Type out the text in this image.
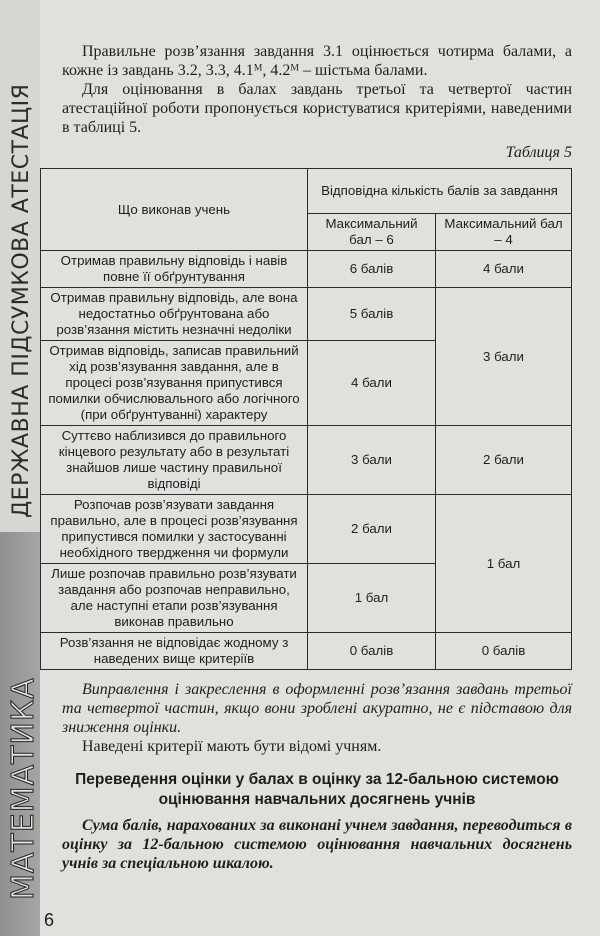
ДЕРЖАВНА ПІДСУМКОВА АТЕСТАЦІЯ
МАТЕМАТИКА

Правильне розв’язання завдання 3.1 оцінюється чотирма балами, а кожне із завдань 3.2, 3.3, 4.1ᴹ, 4.2ᴹ – шістьма балами.

Для оцінювання в балах завдань третьої та четвертої частин атестаційної роботи пропонується користуватися критеріями, наведеними в таблиці 5.

Таблиця 5
Що виконав учень	Відповідна кількість балів за завдання	
	Максимальний бал – 6	Максимальний бал – 4
Отримав правильну відповідь і навів повне її обґрунтування	6 балів	4 бали
Отримав правильну відповідь, але вона недостатньо обґрунтована або розв’язання містить незначні недоліки	5 балів	3 бали
Отримав відповідь, записав правильний хід розв’язування завдання, але в процесі розв’язування припустився помилки обчислювального або логічного (при обґрунтуванні) характеру	4 бали	
Суттєво наблизився до правильного кінцевого результату або в результаті знайшов лише частину правильної відповіді	3 бали	2 бали
Розпочав розв’язувати завдання правильно, але в процесі розв’язування припустився помилки у застосуванні необхідного твердження чи формули	2 бали	1 бал
Лише розпочав правильно розв’язувати завдання або розпочав неправильно, але наступні етапи розв’язування виконав правильно	1 бал	
Розв’язання не відповідає жодному з наведених вище критеріїв	0 балів	0 балів

Виправлення і закреслення в оформленні розв’язання завдань третьої та четвертої частин, якщо вони зроблені акуратно, не є підставою для зниження оцінки.

Наведені критерії мають бути відомі учням.

Переведення оцінки у балах в оцінку за 12-бальною системою оцінювання навчальних досягнень учнів

Сума балів, нарахованих за виконані учнем завдання, переводиться в оцінку за 12-бальною системою оцінювання навчальних досягнень учнів за спеціальною шкалою.

6
